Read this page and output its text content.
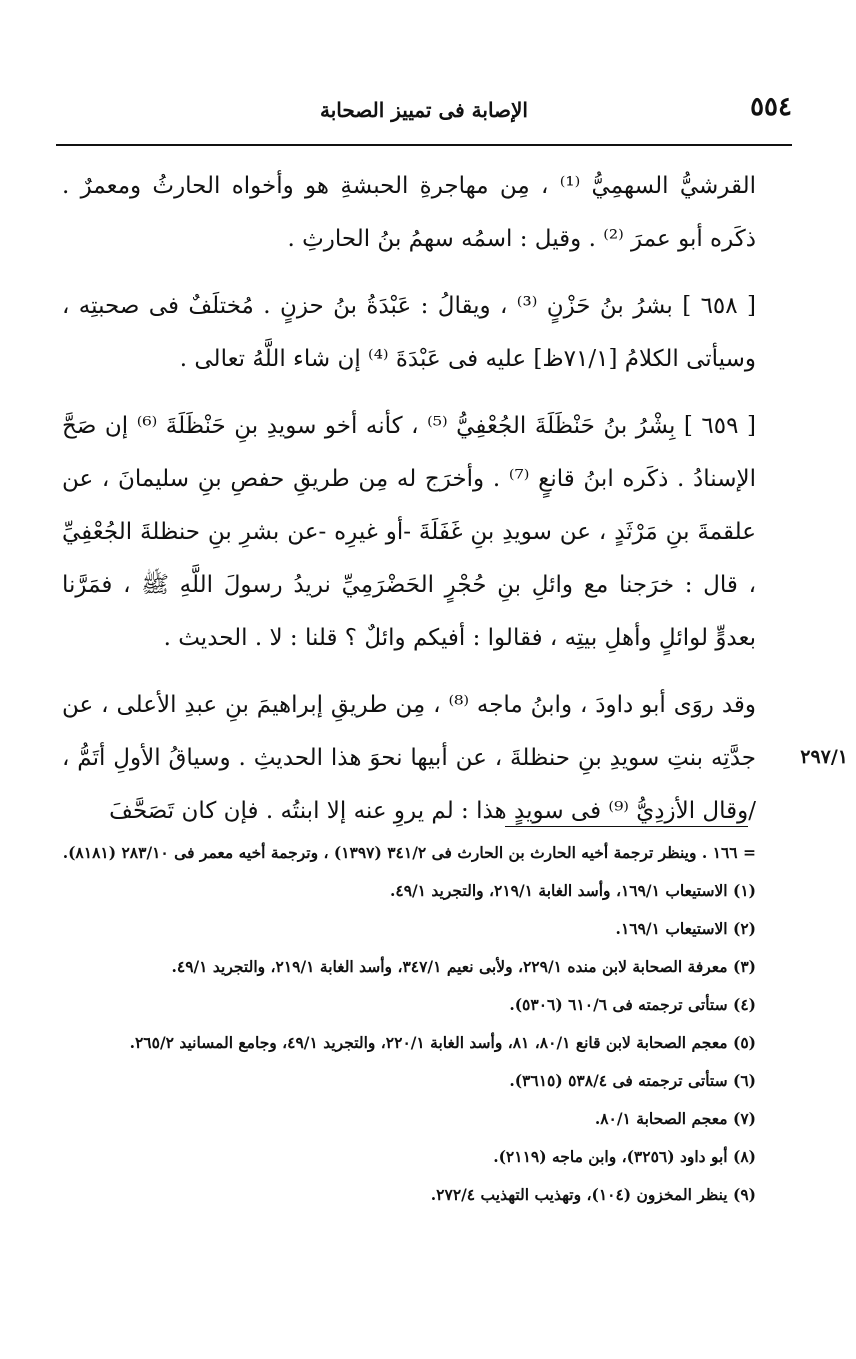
٥٥٤
الإصابة فى تمييز الصحابة

القرشيُّ السهمِيُّ ⁽¹⁾ ، مِن مهاجرةِ الحبشةِ هو وأخواه الحارثُ ومعمرٌ . ذكَره أبو عمرَ ⁽²⁾ . وقيل : اسمُه سهمُ بنُ الحارثِ .

[ ٦٥٨ ] بشرُ بنُ حَزْنٍ ⁽³⁾ ، ويقالُ : عَبْدَةُ بنُ حزنٍ . مُختلَفٌ فى صحبتِه ، وسيأتى الكلامُ [٧١/١ظ] عليه فى عَبْدَةَ ⁽⁴⁾ إن شاء اللَّهُ تعالى .

[ ٦٥٩ ] بِشْرُ بنُ حَنْظَلَةَ الجُعْفِيُّ ⁽⁵⁾ ، كأنه أخو سويدِ بنِ حَنْظَلَةَ ⁽⁶⁾ إن صَحَّ الإسنادُ . ذكَره ابنُ قانعٍ ⁽⁷⁾ . وأخرَج له مِن طريقِ حفصِ بنِ سليمانَ ، عن علقمةَ بنِ مَرْثَدٍ ، عن سويدِ بنِ غَفَلَةَ -أو غيرِه -عن بشرِ بنِ حنظلةَ الجُعْفِيِّ ، قال : خرَجنا مع وائلِ بنِ حُجْرٍ الحَضْرَمِيِّ نريدُ رسولَ اللَّهِ ﷺ ، فمَرَّنا بعدوٍّ لوائلٍ وأهلِ بيتِه ، فقالوا : أفيكم وائلٌ ؟ قلنا : لا . الحديث .

وقد روَى أبو داودَ ، وابنُ ماجه ⁽⁸⁾ ، مِن طريقِ إبراهيمَ بنِ عبدِ الأعلى ، عن جدَّتِه بنتِ سويدِ بنِ حنظلةَ ، عن أبيها نحوَ هذا الحديثِ . وسياقُ الأولِ أتَمُّ ، /وقال الأزدِيُّ ⁽⁹⁾ فى سويدٍ هذا : لم يروِ عنه إلا ابنتُه . فإن كان تَصَحَّفَ

٢٩٧/١
= ١٦٦ . وينظر ترجمة أخيه الحارث بن الحارث فى ٣٤١/٢ (١٣٩٧) ، وترجمة أخيه معمر فى ٢٨٣/١٠ (٨١٨١).
(١) الاستيعاب ١٦٩/١، وأسد الغابة ٢١٩/١، والتجريد ٤٩/١.
(٢) الاستيعاب ١٦٩/١.
(٣) معرفة الصحابة لابن منده ٢٢٩/١، ولأبى نعيم ٣٤٧/١، وأسد الغابة ٢١٩/١، والتجريد ٤٩/١.
(٤) ستأتى ترجمته فى ٦١٠/٦ (٥٣٠٦).
(٥) معجم الصحابة لابن قانع ٨٠/١، ٨١، وأسد الغابة ٢٢٠/١، والتجريد ٤٩/١، وجامع المسانيد ٢٦٥/٢.
(٦) ستأتى ترجمته فى ٥٣٨/٤ (٣٦١٥).
(٧) معجم الصحابة ٨٠/١.
(٨) أبو داود (٣٢٥٦)، وابن ماجه (٢١١٩).
(٩) ينظر المخزون (١٠٤)، وتهذيب التهذيب ٢٧٢/٤.
